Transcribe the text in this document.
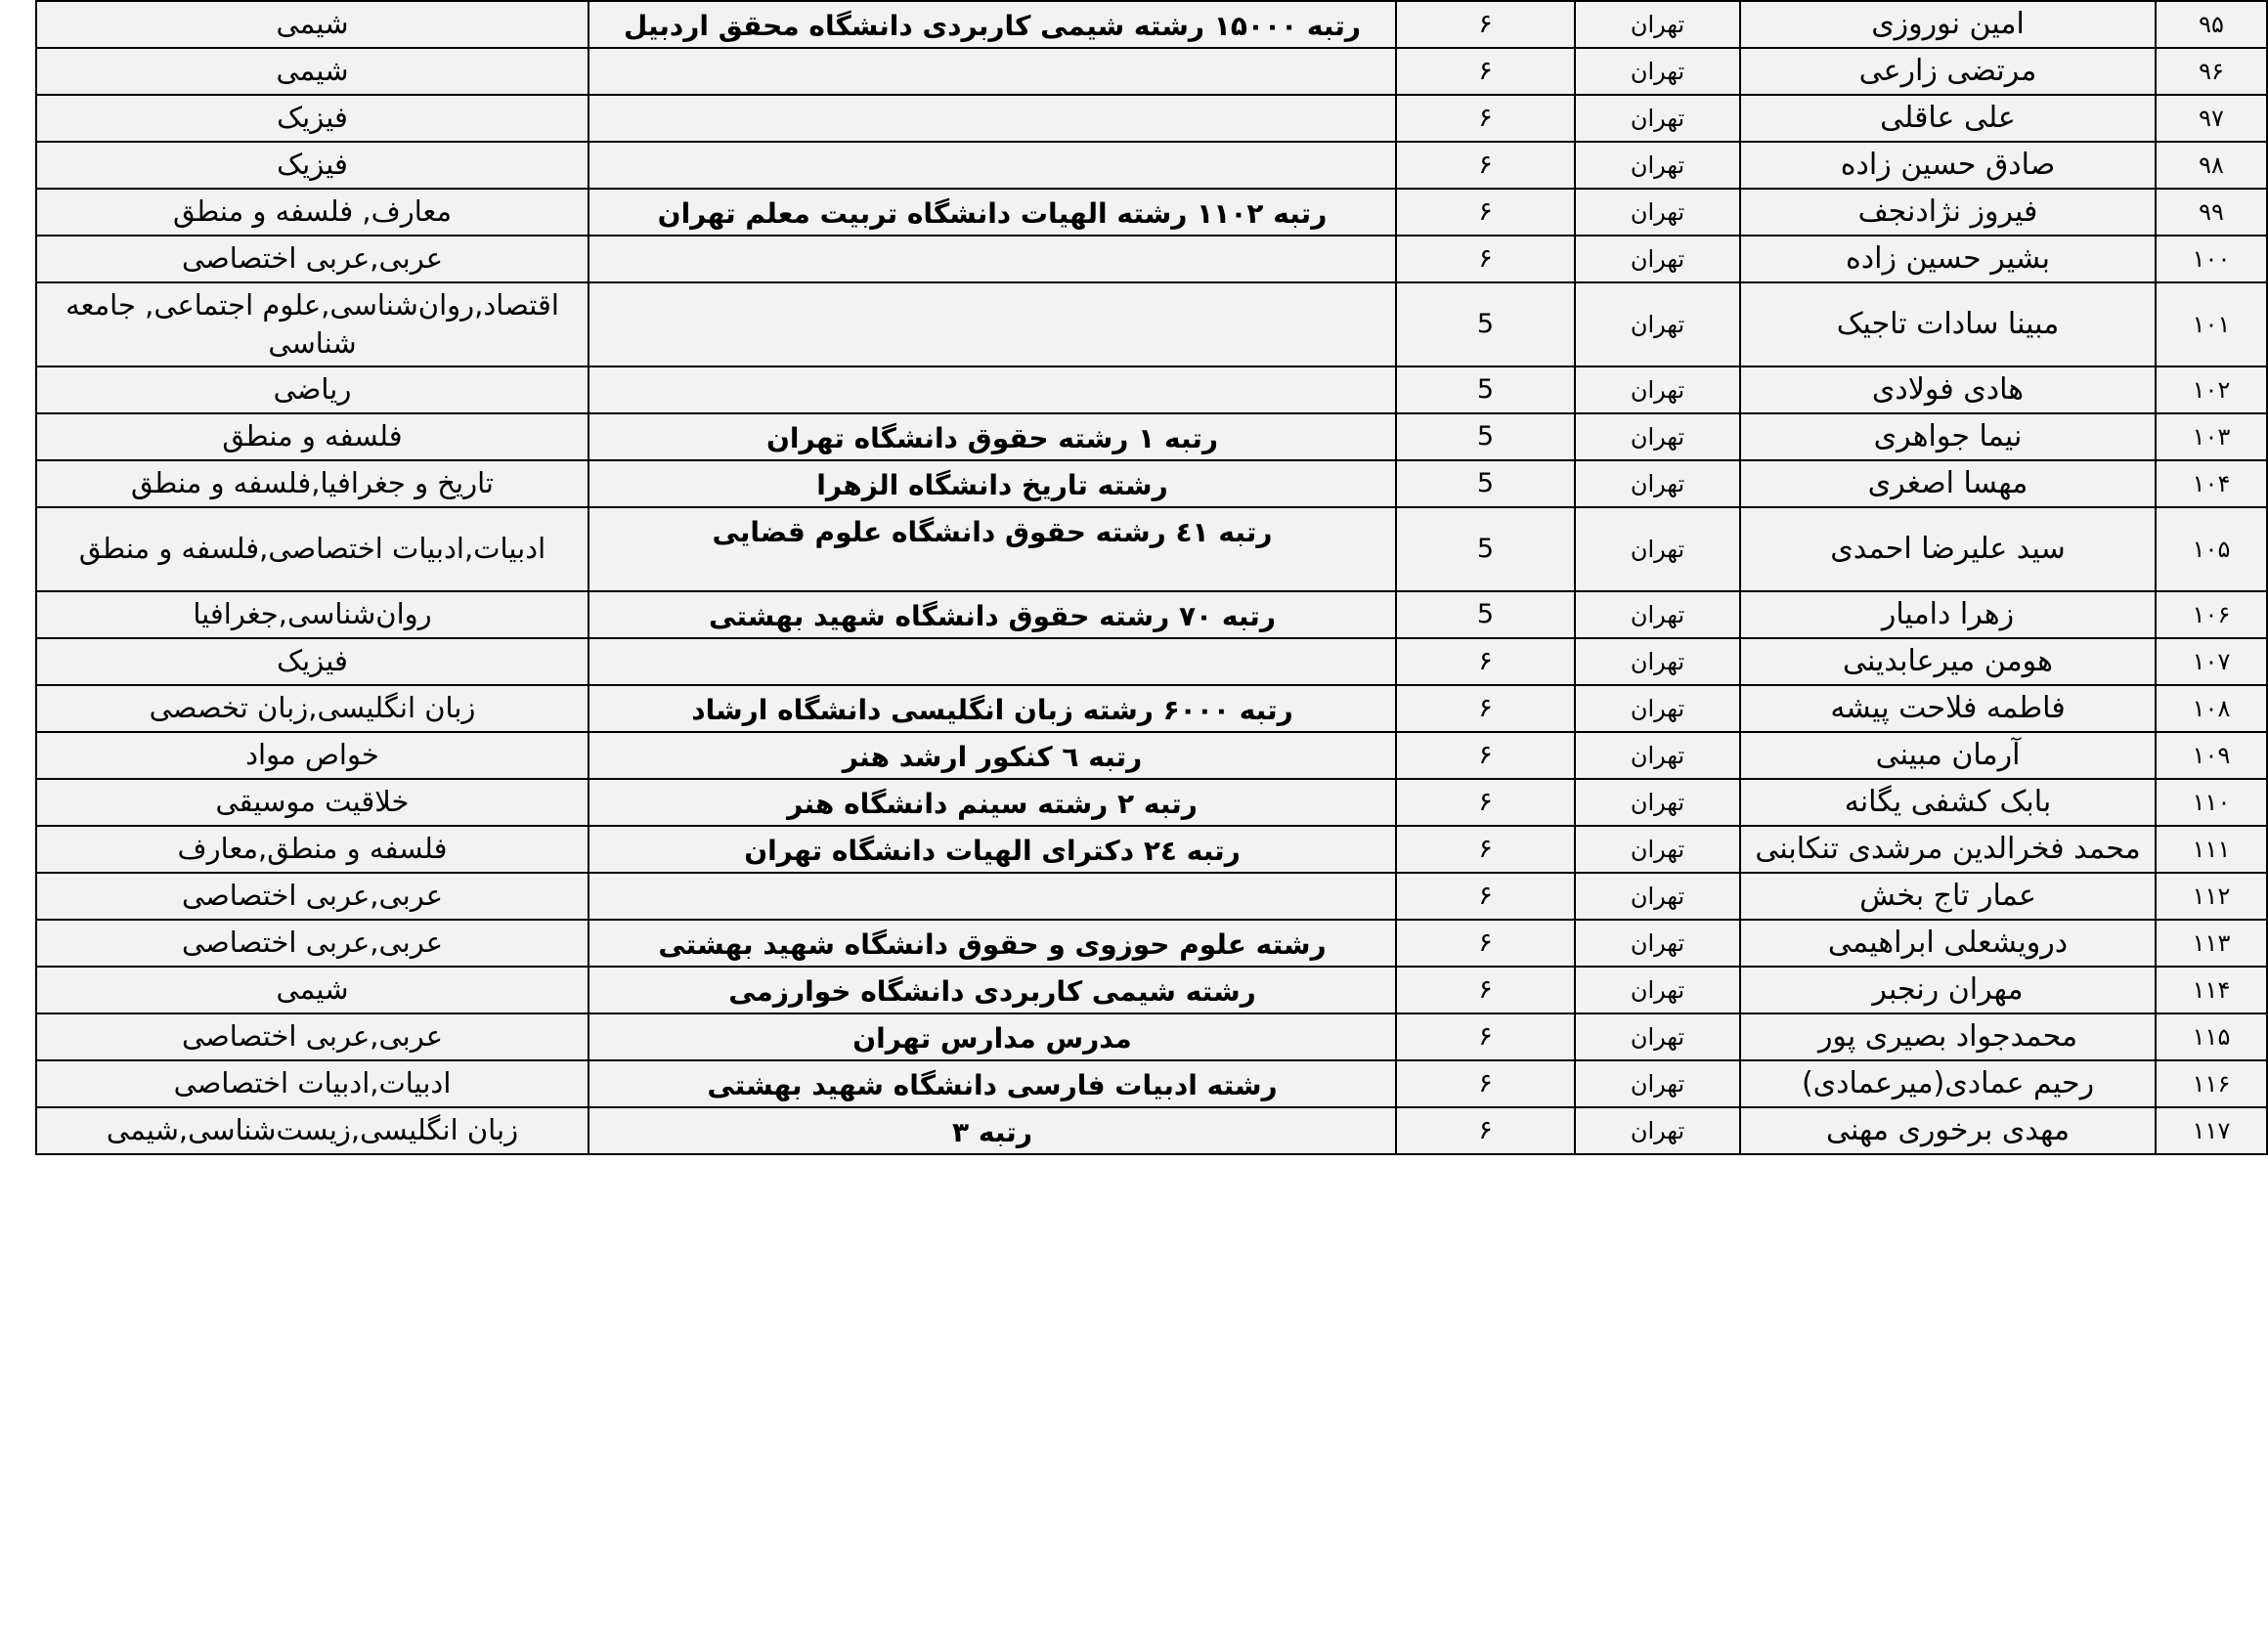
۹۵	امین نوروزی	تهران	۶	رتبه ۱۵۰۰۰ رشته شیمی کاربردی دانشگاه محقق اردبیل	شیمی
۹۶	مرتضی زارعی	تهران	۶		شیمی
۹۷	علی عاقلی	تهران	۶		فیزیک
۹۸	صادق حسین زاده	تهران	۶		فیزیک
۹۹	فیروز نژادنجف	تهران	۶	رتبه ۱۱۰۲ رشته الهیات دانشگاه تربیت معلم تهران	معارف, فلسفه و منطق
۱۰۰	بشیر حسین زاده	تهران	۶		عربی,عربی اختصاصی
۱۰۱	مبینا سادات تاجیک	تهران	5		اقتصاد,روان‌شناسی,علوم اجتماعی, جامعه شناسی
۱۰۲	هادی فولادی	تهران	5		ریاضی
۱۰۳	نیما جواهری	تهران	5	رتبه ۱ رشته حقوق دانشگاه تهران	فلسفه و منطق
۱۰۴	مهسا اصغری	تهران	5	رشته تاریخ دانشگاه الزهرا	تاریخ و جغرافیا,فلسفه و منطق
۱۰۵	سید علیرضا احمدی	تهران	5	رتبه ٤۱ رشته حقوق دانشگاه علوم قضایی	ادبیات,ادبیات اختصاصی,فلسفه و منطق
۱۰۶	زهرا دامیار	تهران	5	رتبه ۷۰ رشته حقوق دانشگاه شهید بهشتی	روان‌شناسی,جغرافیا
۱۰۷	هومن میرعابدینی	تهران	۶		فیزیک
۱۰۸	فاطمه فلاحت پیشه	تهران	۶	رتبه ۶۰۰۰ رشته زبان انگلیسی دانشگاه ارشاد	زبان انگلیسی,زبان تخصصی
۱۰۹	آرمان مبینی	تهران	۶	رتبه ٦ کنکور ارشد هنر	خواص مواد
۱۱۰	بابک کشفی یگانه	تهران	۶	رتبه ۲ رشته سینم دانشگاه هنر	خلاقیت موسیقی
۱۱۱	محمد فخرالدین مرشدی تنکابنی	تهران	۶	رتبه ٢٤ دکترای الهیات دانشگاه تهران	فلسفه و منطق,معارف
۱۱۲	عمار تاج بخش	تهران	۶		عربی,عربی اختصاصی
۱۱۳	درویشعلی ابراهیمی	تهران	۶	رشته علوم حوزوی و حقوق دانشگاه شهید بهشتی	عربی,عربی اختصاصی
۱۱۴	مهران رنجبر	تهران	۶	رشته شیمی کاربردی دانشگاه خوارزمی	شیمی
۱۱۵	محمدجواد بصیری پور	تهران	۶	مدرس مدارس تهران	عربی,عربی اختصاصی
۱۱۶	رحیم عمادی(میرعمادی)	تهران	۶	رشته ادبیات فارسی دانشگاه شهید بهشتی	ادبیات,ادبیات اختصاصی
۱۱۷	مهدی برخوری مهنی	تهران	۶	رتبه ۳	زبان انگلیسی,زیست‌شناسی,شیمی
